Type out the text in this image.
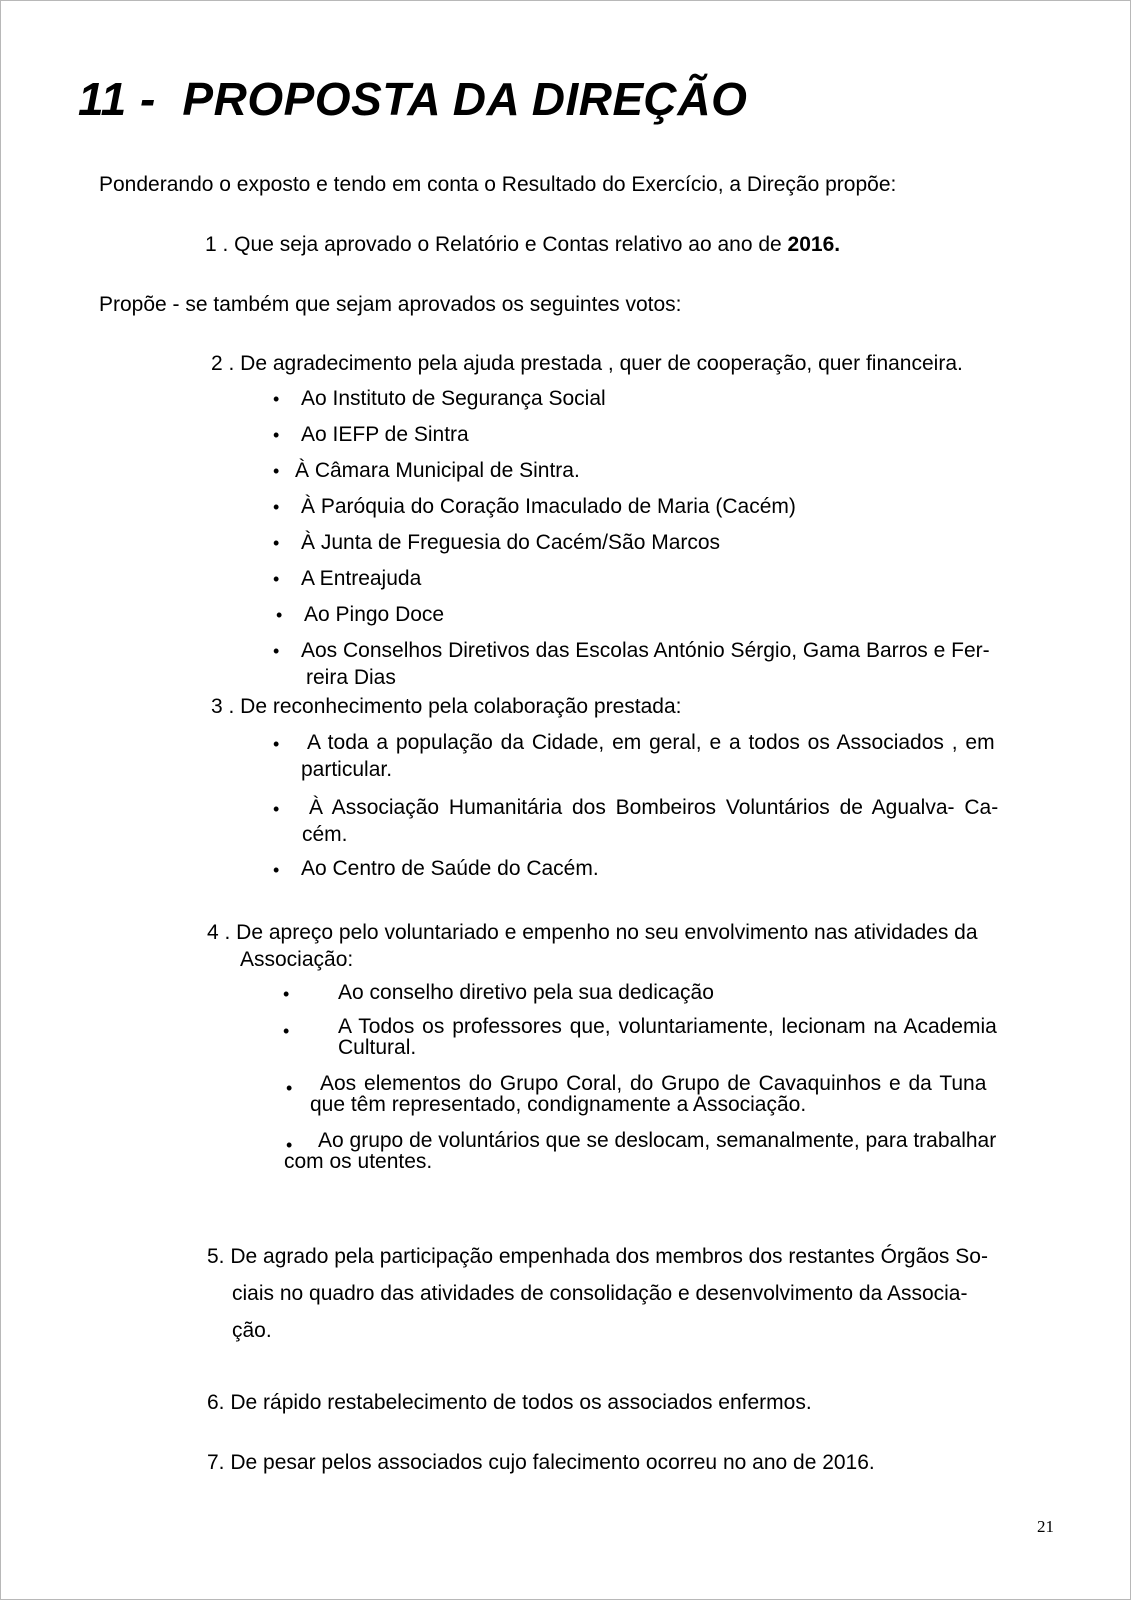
11 - PROPOSTA DA DIREÇÃO
Ponderando o exposto e tendo em conta o Resultado do Exercício, a Direção propõe:
1 . Que seja aprovado o Relatório e Contas relativo ao ano de 2016.
Propõe - se também que sejam aprovados os seguintes votos:
2 . De agradecimento pela ajuda prestada , quer de cooperação, quer financeira.
• Ao Instituto de Segurança Social
• Ao IEFP de Sintra
• À Câmara Municipal de Sintra.
• À Paróquia do Coração Imaculado de Maria (Cacém)
• À Junta de Freguesia do Cacém/São Marcos
• A Entreajuda
• Ao Pingo Doce
• Aos Conselhos Diretivos das Escolas António Sérgio, Gama Barros e Fer-
reira Dias
3 . De reconhecimento pela colaboração prestada:
• A toda a população da Cidade, em geral, e a todos os Associados , em
particular.
• À Associação Humanitária dos Bombeiros Voluntários de Agualva- Ca-
cém.
• Ao Centro de Saúde do Cacém.
4 . De apreço pelo voluntariado e empenho no seu envolvimento nas atividades da
Associação:
• Ao conselho diretivo pela sua dedicação
• A Todos os professores que, voluntariamente, lecionam na Academia
Cultural.
• Aos elementos do Grupo Coral, do Grupo de Cavaquinhos e da Tuna
que têm representado, condignamente a Associação.
• Ao grupo de voluntários que se deslocam, semanalmente, para trabalhar
com os utentes.
5. De agrado pela participação empenhada dos membros dos restantes Órgãos So-
ciais no quadro das atividades de consolidação e desenvolvimento da Associa-
ção.
6. De rápido restabelecimento de todos os associados enfermos.
7. De pesar pelos associados cujo falecimento ocorreu no ano de 2016.
21
